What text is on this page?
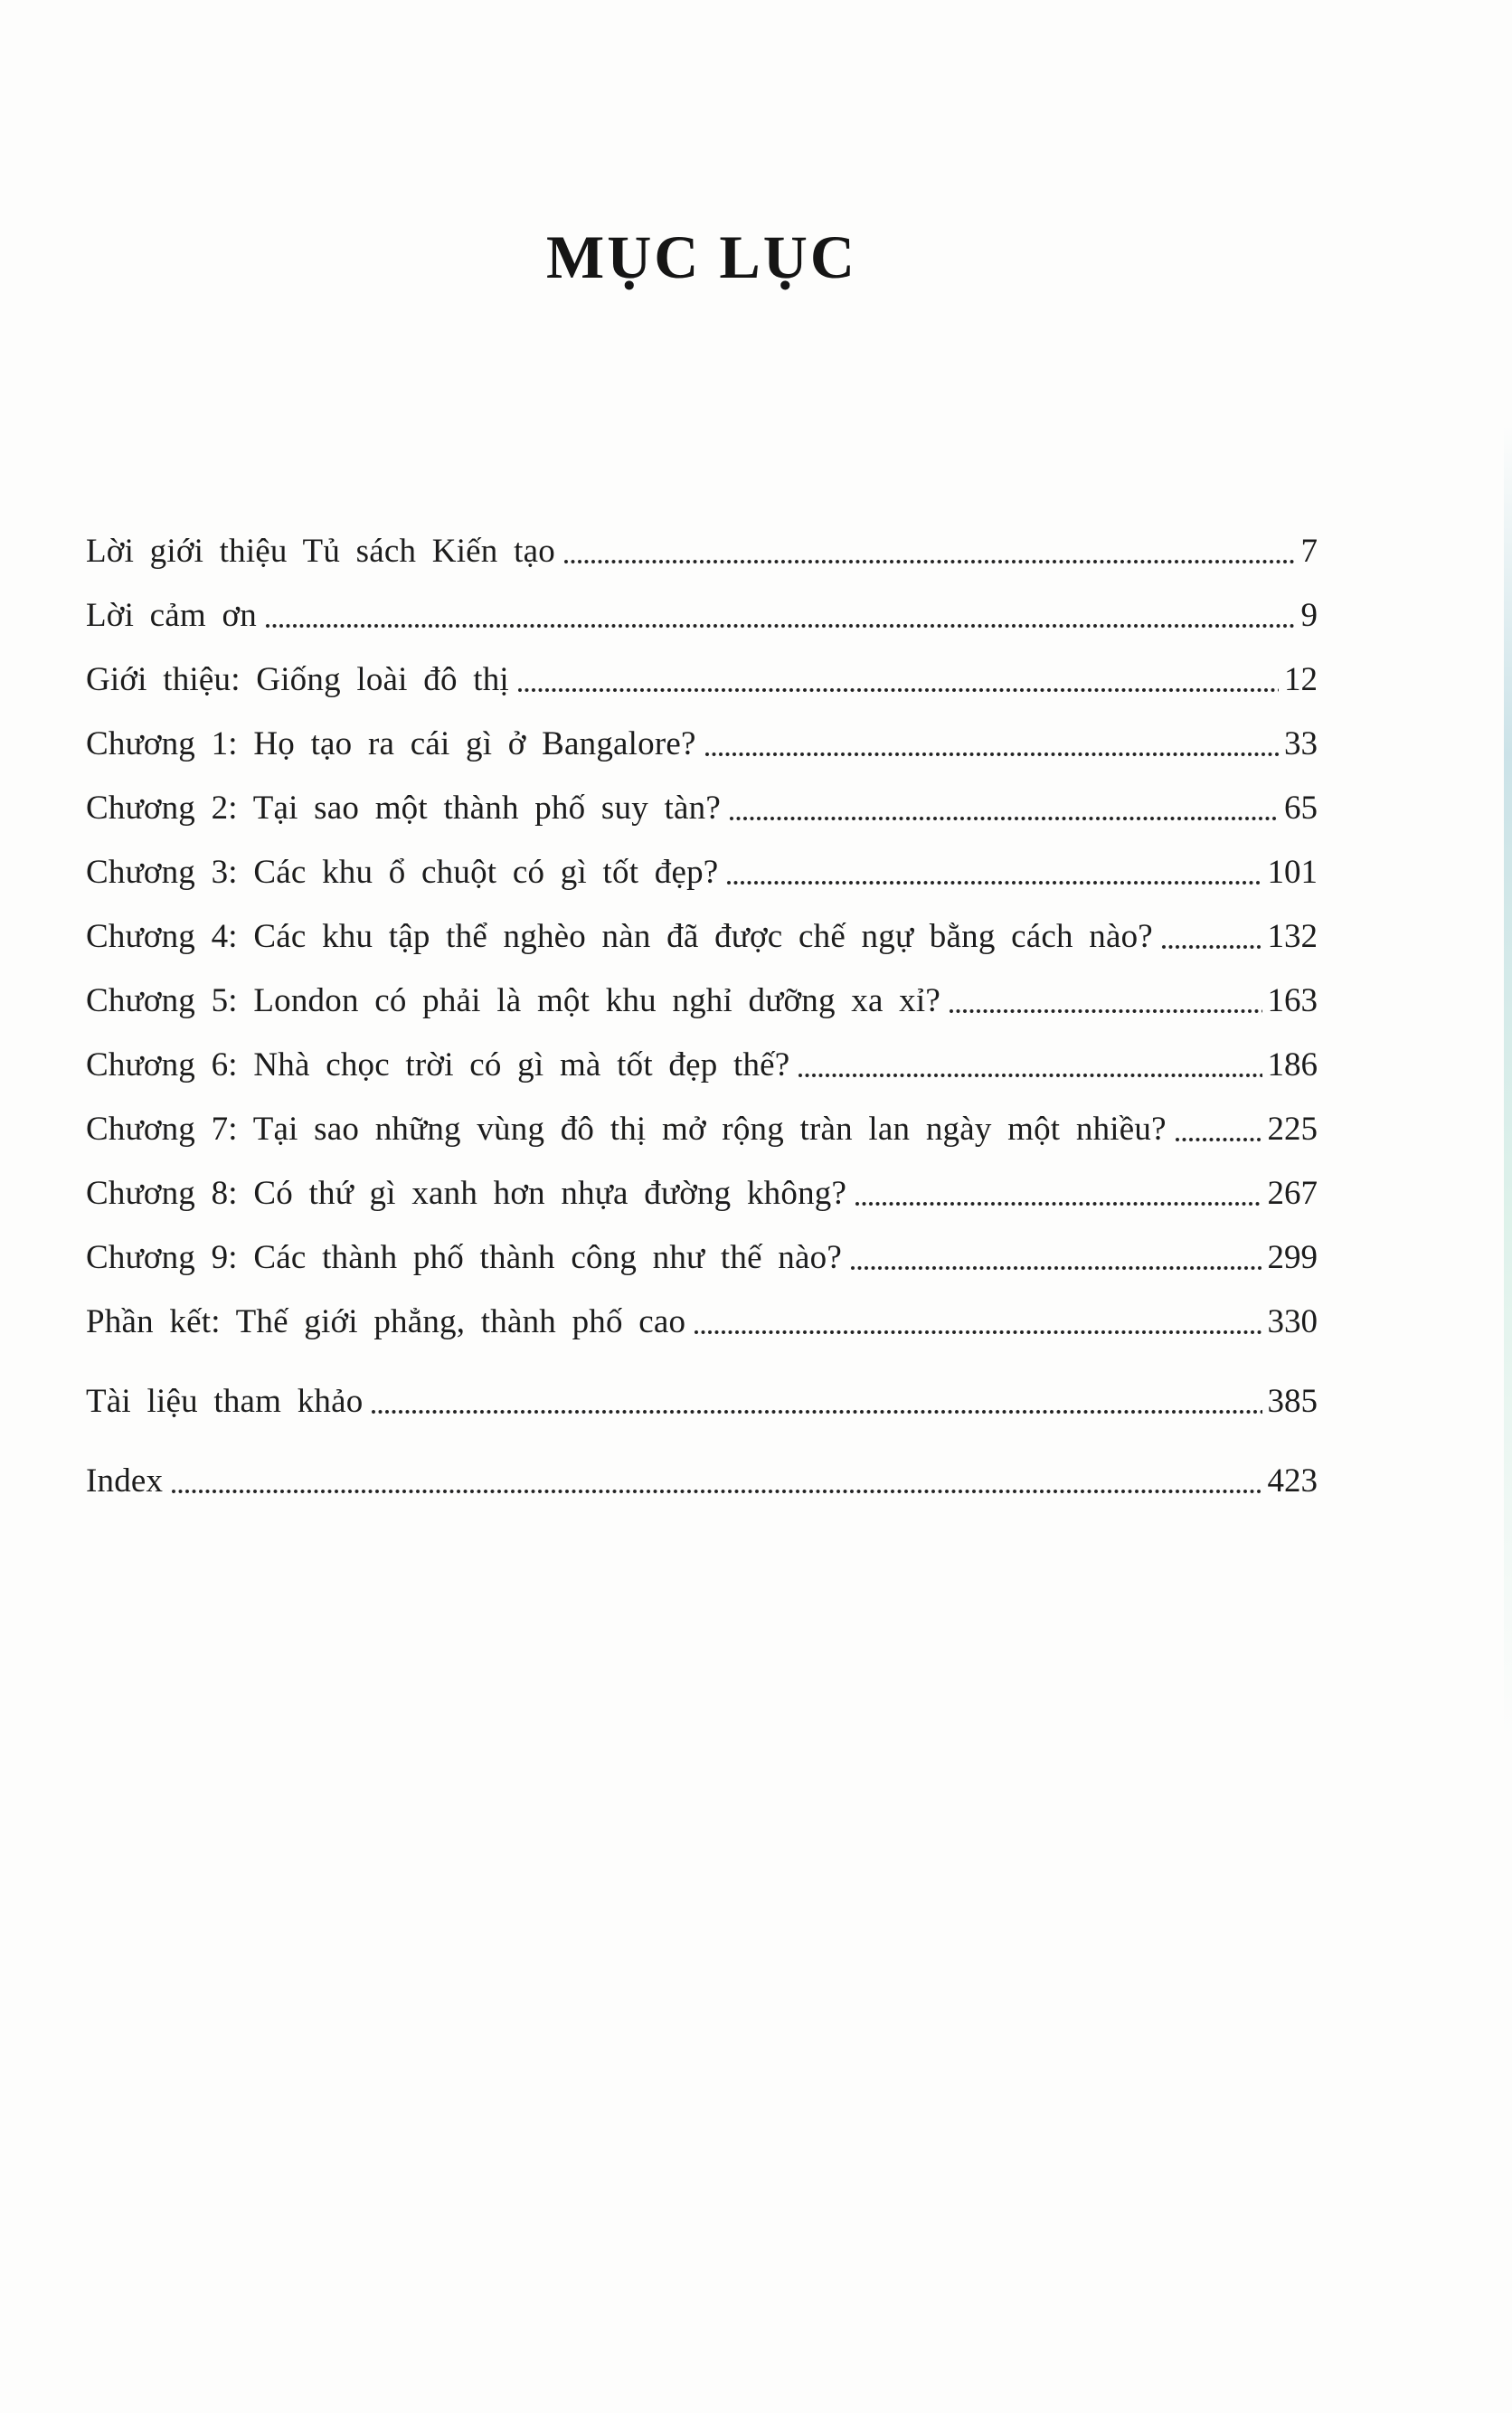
MỤC LỤC
Lời giới thiệu Tủ sách Kiến tạo	7
Lời cảm ơn	9
Giới thiệu: Giống loài đô thị	12
Chương 1: Họ tạo ra cái gì ở Bangalore?	33
Chương 2: Tại sao một thành phố suy tàn?	65
Chương 3: Các khu ổ chuột có gì tốt đẹp?	101
Chương 4: Các khu tập thể nghèo nàn đã được chế ngự bằng cách nào?	132
Chương 5: London có phải là một khu nghỉ dưỡng xa xỉ?	163
Chương 6: Nhà chọc trời có gì mà tốt đẹp thế?	186
Chương 7: Tại sao những vùng đô thị mở rộng tràn lan ngày một nhiều?	225
Chương 8: Có thứ gì xanh hơn nhựa đường không?	267
Chương 9: Các thành phố thành công như thế nào?	299
Phần kết: Thế giới phẳng, thành phố cao	330
Tài liệu tham khảo	385
Index	423
